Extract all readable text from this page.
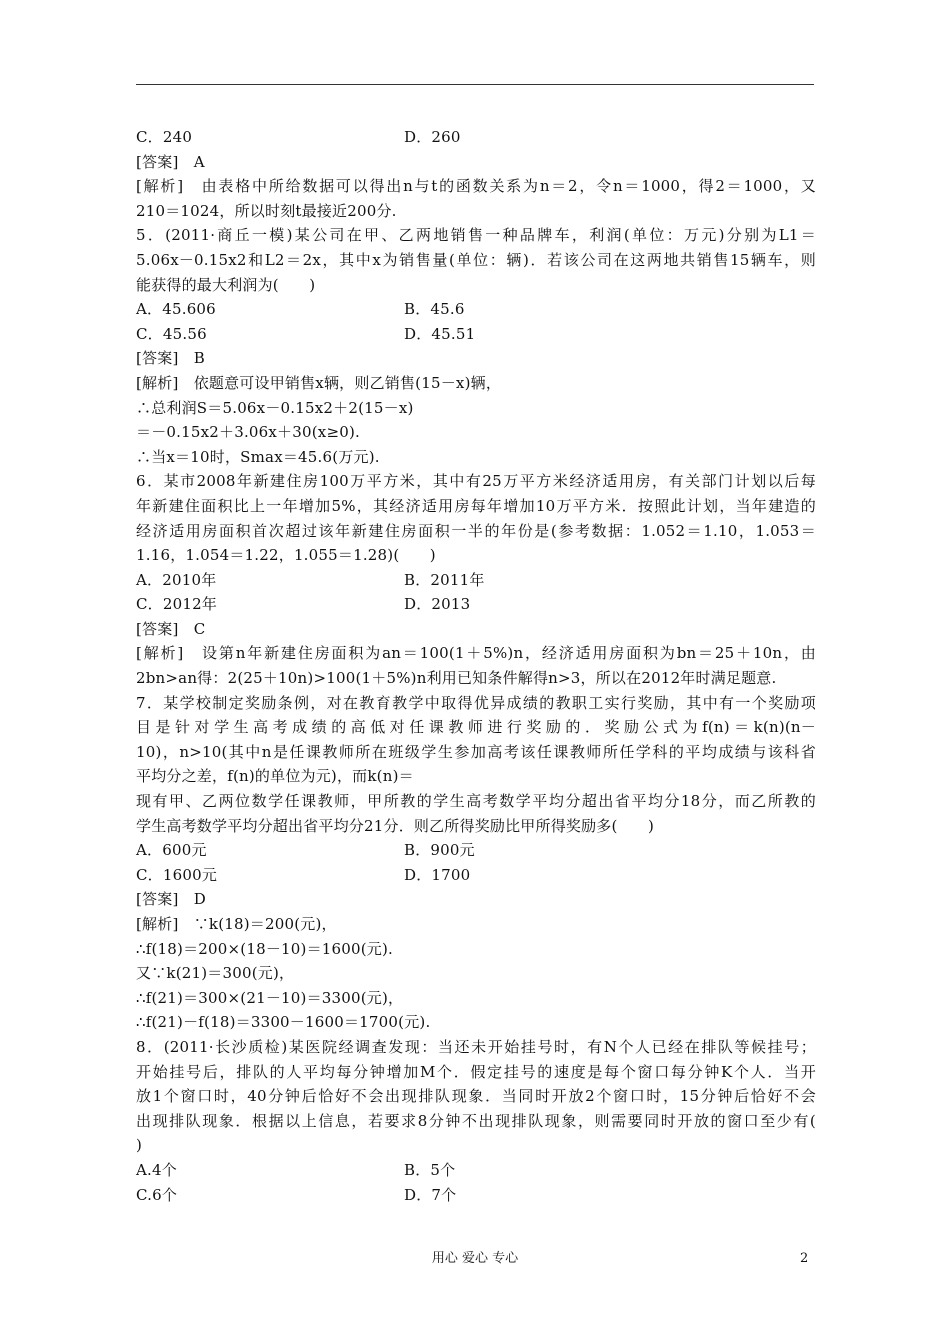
C．240	D．260
[答案]　A
[解析]　由表格中所给数据可以得出n与t的函数关系为n＝2，令n＝1000，得2＝1000，又
210＝1024，所以时刻t最接近200分.
5．(2011·商丘一模)某公司在甲、乙两地销售一种品牌车，利润(单位：万元)分别为L1＝
5.06x－0.15x2和L2＝2x，其中x为销售量(单位：辆)．若该公司在这两地共销售15辆车，则
能获得的最大利润为(　　)
A．45.606	B．45.6
C．45.56	D．45.51
[答案]　B
[解析]　依题意可设甲销售x辆，则乙销售(15－x)辆，
∴总利润S＝5.06x－0.15x2＋2(15－x)
＝－0.15x2＋3.06x＋30(x≥0).
∴当x＝10时，Smax＝45.6(万元).
6．某市2008年新建住房100万平方米，其中有25万平方米经济适用房，有关部门计划以后每
年新建住面积比上一年增加5%，其经济适用房每年增加10万平方米．按照此计划，当年建造的
经济适用房面积首次超过该年新建住房面积一半的年份是(参考数据：1.052＝1.10，1.053＝
1.16，1.054＝1.22，1.055＝1.28)(　　)
A．2010年	B．2011年
C．2012年	D．2013
[答案]　C
[解析]　设第n年新建住房面积为an＝100(1＋5%)n，经济适用房面积为bn＝25＋10n，由
2bn>an得：2(25＋10n)>100(1＋5%)n利用已知条件解得n>3，所以在2012年时满足题意.
7．某学校制定奖励条例，对在教育教学中取得优异成绩的教职工实行奖励，其中有一个奖励项
目是针对学生高考成绩的高低对任课教师进行奖励的．奖励公式为f(n)＝k(n)(n－
10)，n>10(其中n是任课教师所在班级学生参加高考该任课教师所任学科的平均成绩与该科省
平均分之差，f(n)的单位为元)，而k(n)＝
现有甲、乙两位数学任课教师，甲所教的学生高考数学平均分超出省平均分18分，而乙所教的
学生高考数学平均分超出省平均分21分．则乙所得奖励比甲所得奖励多(　　)
A．600元	B．900元
C．1600元	D．1700
[答案]　D
[解析]　∵k(18)＝200(元)，
∴f(18)＝200×(18－10)＝1600(元).
又∵k(21)＝300(元)，
∴f(21)＝300×(21－10)＝3300(元)，
∴f(21)－f(18)＝3300－1600＝1700(元).
8．(2011·长沙质检)某医院经调查发现：当还未开始挂号时，有N个人已经在排队等候挂号；
开始挂号后，排队的人平均每分钟增加M个．假定挂号的速度是每个窗口每分钟K个人．当开
放1个窗口时，40分钟后恰好不会出现排队现象．当同时开放2个窗口时，15分钟后恰好不会
出现排队现象．根据以上信息，若要求8分钟不出现排队现象，则需要同时开放的窗口至少有(
)
A.4个	B．5个
C.6个	D．7个
用心 爱心 专心	2
